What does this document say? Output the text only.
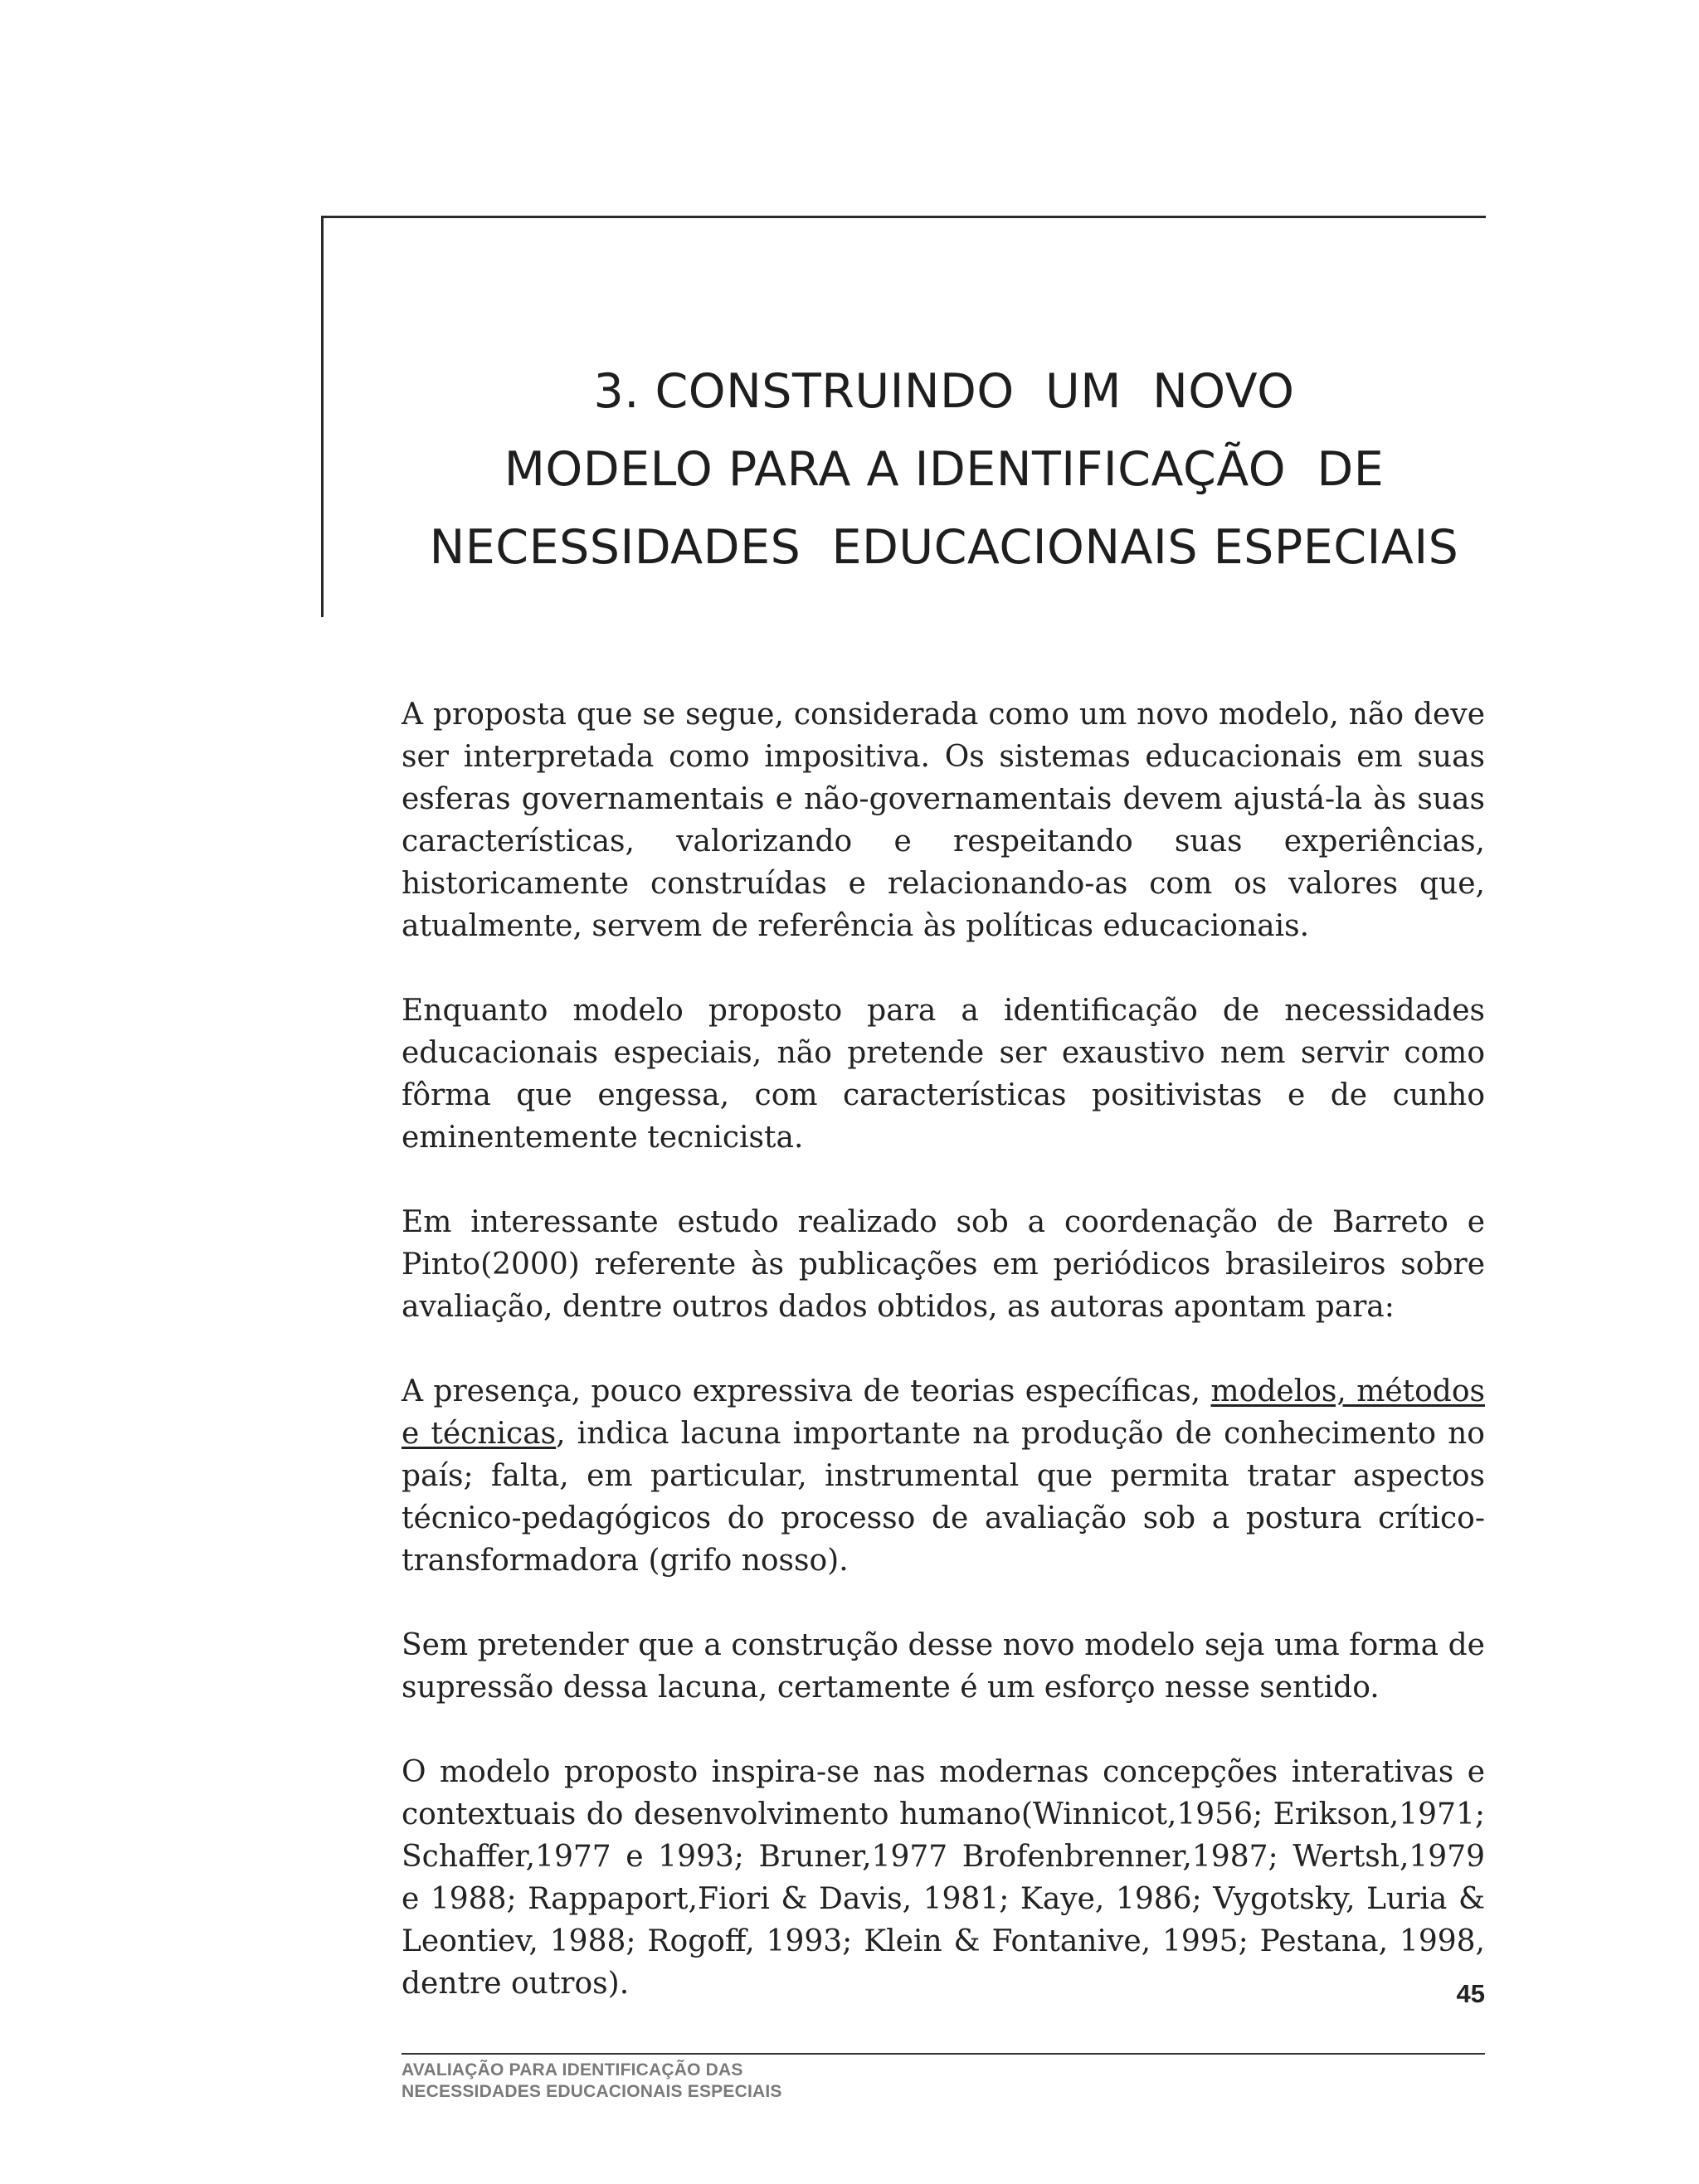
3. CONSTRUINDO  UM  NOVO
MODELO PARA A IDENTIFICAÇÃO  DE
NECESSIDADES  EDUCACIONAIS ESPECIAIS

A proposta que se segue, considerada como um novo modelo, não deve ser interpretada como impositiva. Os sistemas educacionais em suas esferas governamentais e não-governamentais devem ajustá-la às suas características, valorizando e respeitando suas experiências, historicamente construídas e relacionando-as com os valores que, atualmente, servem de referência às políticas educacionais.

Enquanto modelo proposto para a identificação de necessidades educacionais especiais, não pretende ser exaustivo nem servir como fôrma que engessa, com características positivistas e de cunho eminentemente tecnicista.

Em interessante estudo realizado sob a coordenação de Barreto e Pinto(2000) referente às publicações em periódicos brasileiros sobre avaliação, dentre outros dados obtidos, as autoras apontam para:

A presença, pouco expressiva de teorias específicas, modelos, métodos e técnicas, indica lacuna importante na produção de conhecimento no país; falta, em particular, instrumental que permita tratar aspectos técnico-pedagógicos do processo de avaliação sob a postura crítico-transformadora (grifo nosso).

Sem pretender que a construção desse novo modelo seja uma forma de supressão dessa lacuna, certamente é um esforço nesse sentido.

O modelo proposto inspira-se nas modernas concepções interativas e contextuais do desenvolvimento humano(Winnicot,1956; Erikson,1971; Schaffer,1977 e 1993; Bruner,1977 Brofenbrenner,1987; Wertsh,1979 e 1988; Rappaport,Fiori & Davis, 1981; Kaye, 1986; Vygotsky, Luria & Leontiev, 1988; Rogoff, 1993; Klein & Fontanive, 1995; Pestana, 1998, dentre outros).	45
AVALIAÇÃO PARA IDENTIFICAÇÃO DAS
NECESSIDADES EDUCACIONAIS ESPECIAIS
